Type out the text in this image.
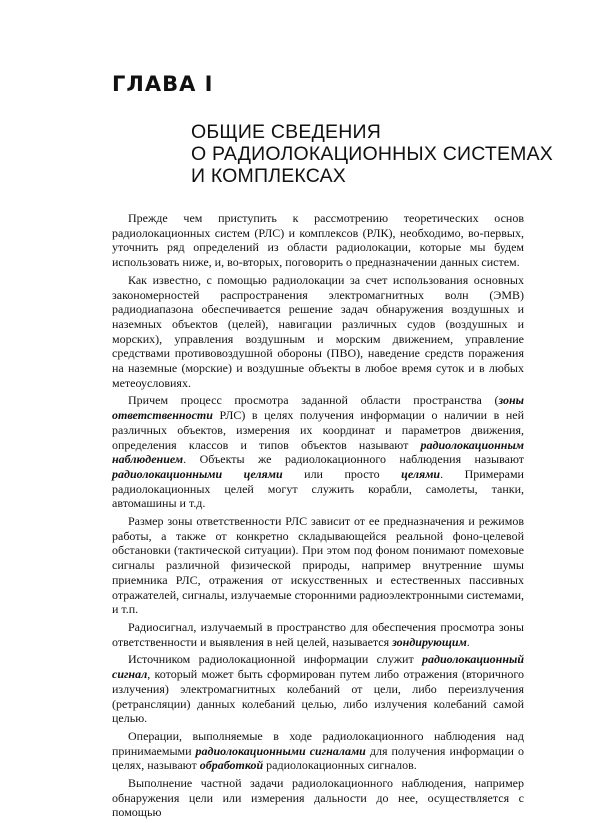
ГЛАВА I
ОБЩИЕ СВЕДЕНИЯ
О РАДИОЛОКАЦИОННЫХ СИСТЕМАХ
И КОМПЛЕКСАХ

Прежде чем приступить к рассмотрению теоретических основ радиолокационных систем (РЛС) и комплексов (РЛК), необходимо, во-первых, уточнить ряд определений из области радиолокации, которые мы будем использовать ниже, и, во-вторых, поговорить о предназначении данных систем.

Как известно, с помощью радиолокации за счет использования основных закономерностей распространения электромагнитных волн (ЭМВ) радиодиапазона обеспечивается решение задач обнаружения воздушных и наземных объектов (целей), навигации различных судов (воздушных и морских), управления воздушным и морским движением, управление средствами противовоздушной обороны (ПВО), наведение средств поражения на наземные (морские) и воздушные объекты в любое время суток и в любых метеоусловиях.

Причем процесс просмотра заданной области пространства (зоны ответственности РЛС) в целях получения информации о наличии в ней различных объектов, измерения их координат и параметров движения, определения классов и типов объектов называют радиолокационным наблюдением. Объекты же радиолокационного наблюдения называют радиолокационными целями или просто целями. Примерами радиолокационных целей могут служить корабли, самолеты, танки, автомашины и т.д.

Размер зоны ответственности РЛС зависит от ее предназначения и режимов работы, а также от конкретно складывающейся реальной фоно-целевой обстановки (тактической ситуации). При этом под фоном понимают помеховые сигналы различной физической природы, например внутренние шумы приемника РЛС, отражения от искусственных и естественных пассивных отражателей, сигналы, излучаемые сторонними радиоэлектронными системами, и т.п.

Радиосигнал, излучаемый в пространство для обеспечения просмотра зоны ответственности и выявления в ней целей, называется зондирующим.

Источником радиолокационной информации служит радиолокационный сигнал, который может быть сформирован путем либо отражения (вторичного излучения) электромагнитных колебаний от цели, либо переизлучения (ретрансляции) данных колебаний целью, либо излучения колебаний самой целью.

Операции, выполняемые в ходе радиолокационного наблюдения над принимаемыми радиолокационными сигналами для получения информации о целях, называют обработкой радиолокационных сигналов.

Выполнение частной задачи радиолокационного наблюдения, например обнаружения цели или измерения дальности до нее, осуществляется с помощью
